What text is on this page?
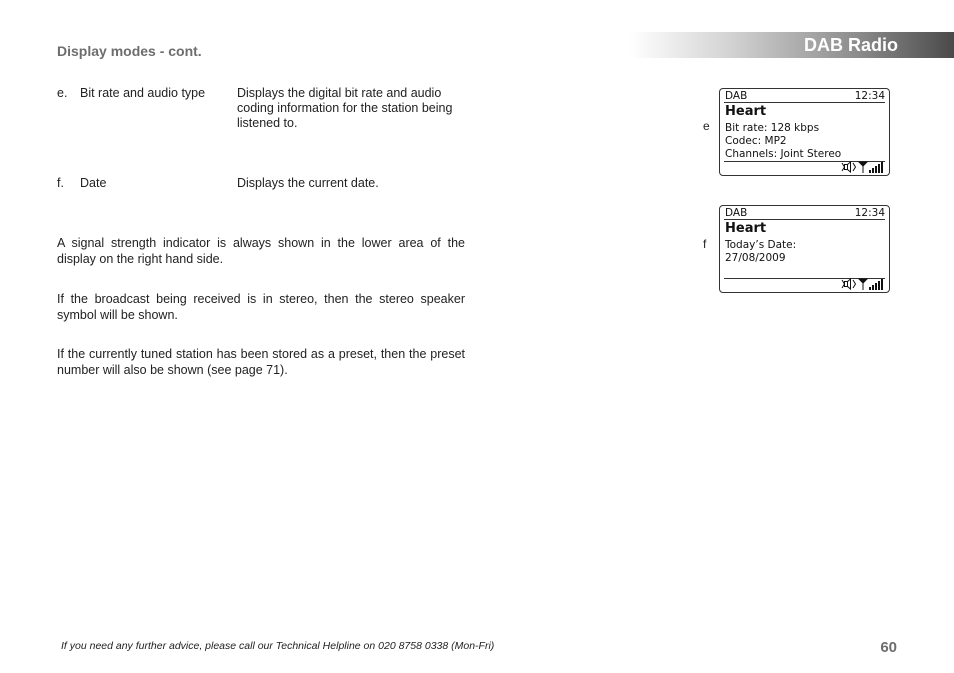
Display modes - cont.	DAB Radio
e. Bit rate and audio type	Displays the digital bit rate and audio coding information for the station being listened to.
f. Date	Displays the current date.
A signal strength indicator is always shown in the lower area of the display on the right hand side.
If the broadcast being received is in stereo, then the stereo speaker symbol will be shown.
If the currently tuned station has been stored as a preset, then the preset number will also be shown (see page 71).
e
DAB	12:34
Heart
Bit rate: 128 kbps
Codec: MP2
Channels: Joint Stereo
f
DAB	12:34
Heart
Today’s Date:
27/08/2009
If you need any further advice, please call our Technical Helpline on 020 8758 0338 (Mon-Fri)	60
